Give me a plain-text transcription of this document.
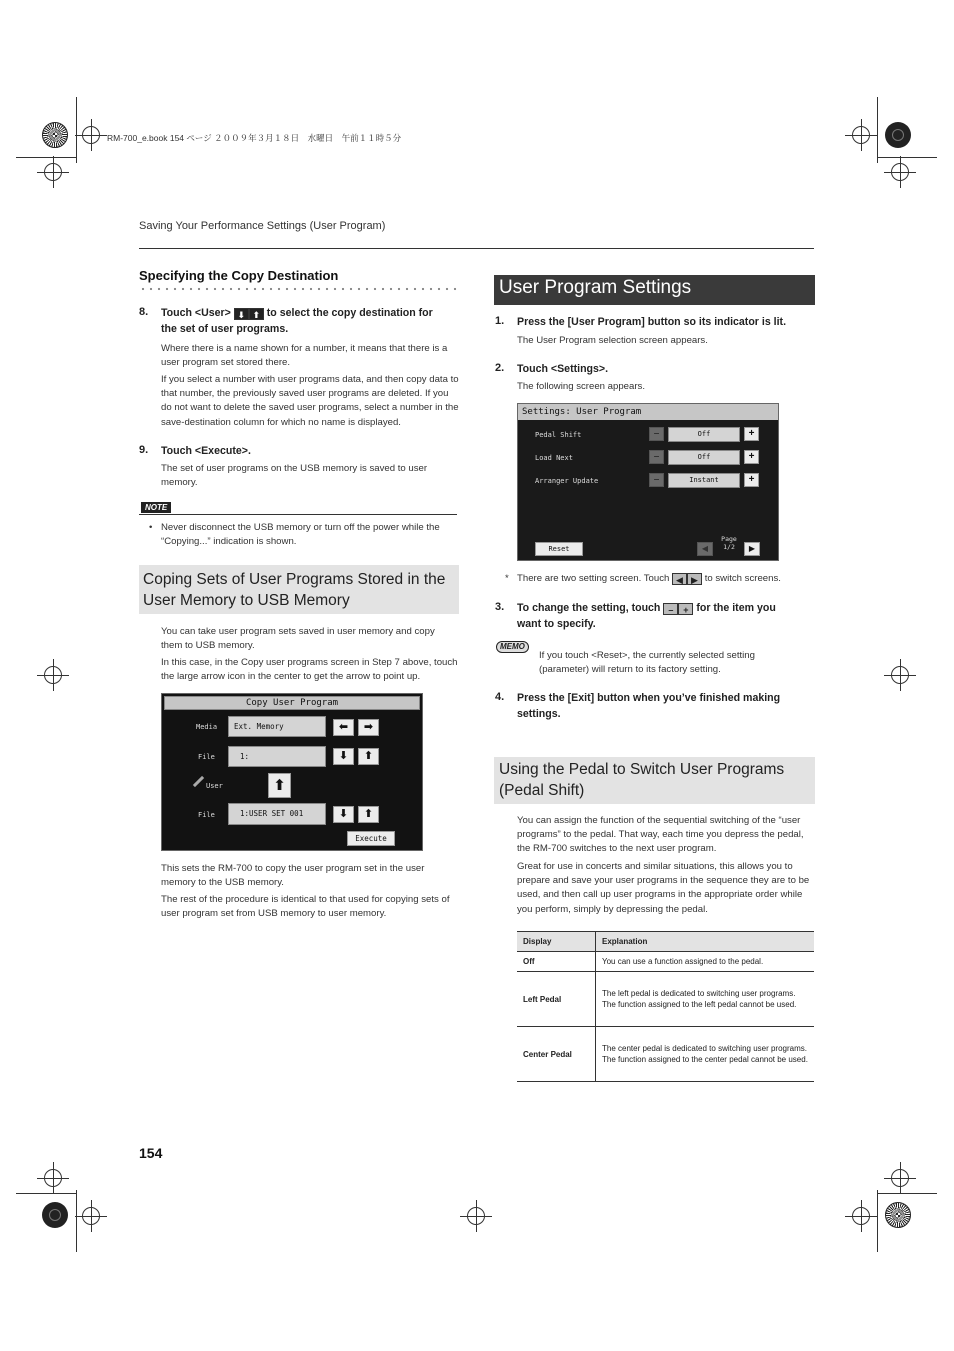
RM-700_e.book 154 ページ ２００９年３月１８日　水曜日　午前１１時５分
Saving Your Performance Settings (User Program)
Specifying the Copy Destination
8. Touch <User> ⬇ ⬆ to select the copy destination for
the set of user programs.
Where there is a name shown for a number, it means that there is a user program set stored there.
If you select a number with user programs data, and then copy data to that number, the previously saved user programs are deleted. If you do not want to delete the saved user programs, select a number in the save-destination column for which no name is displayed.
9. Touch <Execute>.
The set of user programs on the USB memory is saved to user memory.
NOTE
• Never disconnect the USB memory or turn off the power while the “Copying...” indication is shown.
Coping Sets of User Programs Stored in the User Memory to USB Memory
You can take user program sets saved in user memory and copy them to USB memory.
In this case, in the Copy user programs screen in Step 7 above, touch the large arrow icon in the center to get the arrow to point up.
Copy User Program
Media	Ext. Memory	⬅	➡
File	1:	⬇	⬆
User	⬆
File	1:USER SET 001	⬇	⬆
Execute
This sets the RM-700 to copy the user program set in the user memory to the USB memory.
The rest of the procedure is identical to that used for copying sets of user program set from USB memory to user memory.
User Program Settings
1. Press the [User Program] button so its indicator is lit.
The User Program selection screen appears.
2. Touch <Settings>.
The following screen appears.
Settings: User Program
Pedal Shift	–	Off	+
Load Next	–	Off	+
Arranger Update	–	Instant	+
Reset	◀
Page
1/2	▶
* There are two setting screen. Touch ◀ ▶ to switch screens.
3. To change the setting, touch – + for the item you
want to specify.
MEMO
If you touch <Reset>, the currently selected setting (parameter) will return to its factory setting.
4. Press the [Exit] button when you’ve finished making settings.
Using the Pedal to Switch User Programs (Pedal Shift)
You can assign the function of the sequential switching of the “user programs” to the pedal. That way, each time you depress the pedal, the RM-700 switches to the next user program.
Great for use in concerts and similar situations, this allows you to prepare and save your user programs in the sequence they are to be used, and then call up user programs in the appropriate order while you perform, simply by depressing the pedal.
Display	Explanation
Off	You can use a function assigned to the pedal.
Left Pedal	The left pedal is dedicated to switching user programs. The function assigned to the left pedal cannot be used.
Center Pedal	The center pedal is dedicated to switching user programs. The function assigned to the center pedal cannot be used.
154
